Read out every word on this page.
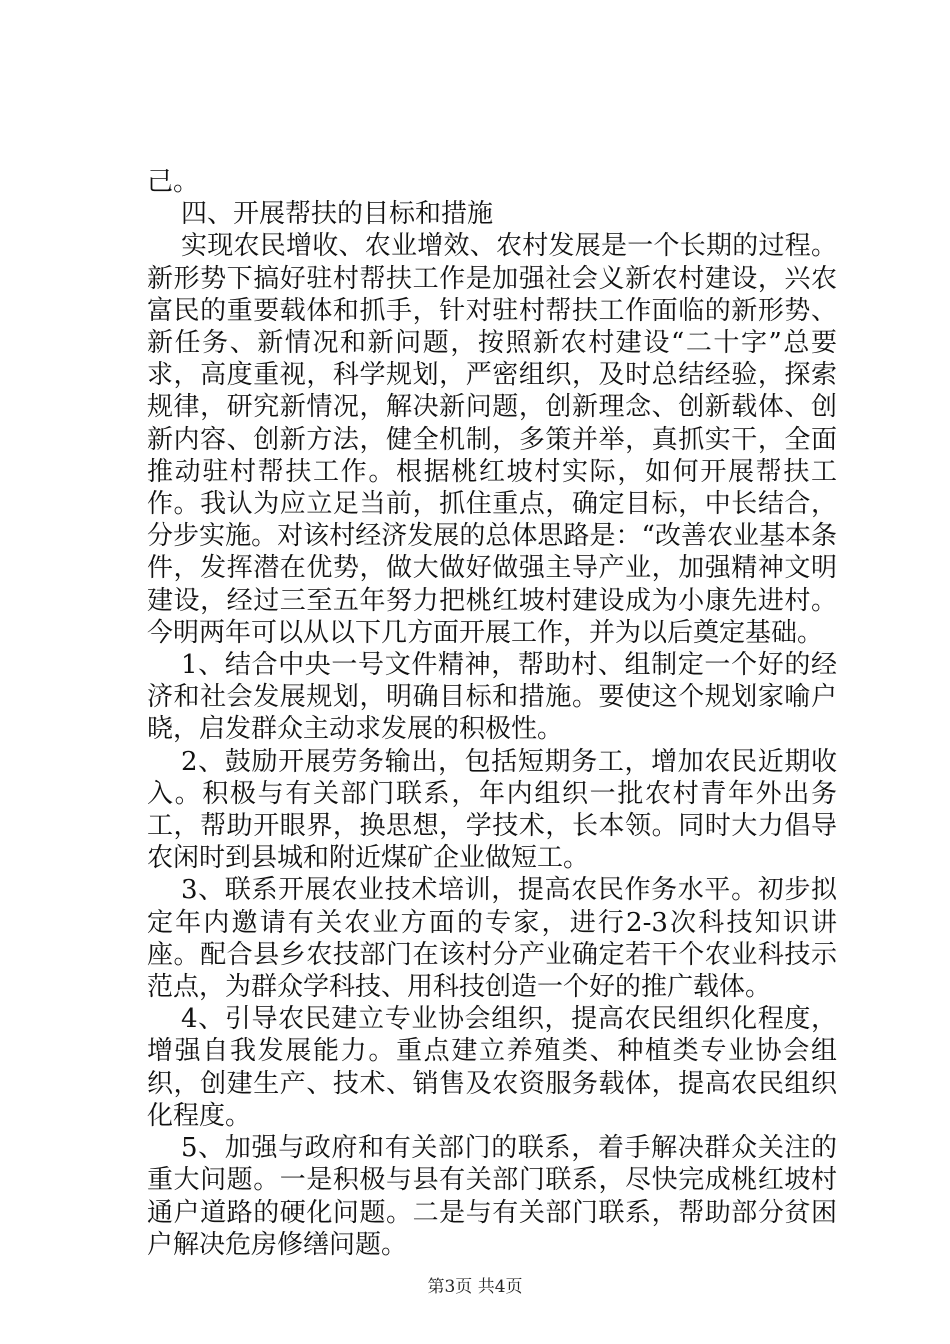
己。

四、开展帮扶的目标和措施

实现农民增收、农业增效、农村发展是一个长期的过程。新形势下搞好驻村帮扶工作是加强社会义新农村建设，兴农富民的重要载体和抓手，针对驻村帮扶工作面临的新形势、新任务、新情况和新问题，按照新农村建设“二十字”总要求，高度重视，科学规划，严密组织，及时总结经验，探索规律，研究新情况，解决新问题，创新理念、创新载体、创新内容、创新方法，健全机制，多策并举，真抓实干，全面推动驻村帮扶工作。根据桃红坡村实际，如何开展帮扶工作。我认为应立足当前，抓住重点，确定目标，中长结合，分步实施。对该村经济发展的总体思路是：“改善农业基本条件，发挥潜在优势，做大做好做强主导产业，加强精神文明建设，经过三至五年努力把桃红坡村建设成为小康先进村。今明两年可以从以下几方面开展工作，并为以后奠定基础。

1、结合中央一号文件精神，帮助村、组制定一个好的经济和社会发展规划，明确目标和措施。要使这个规划家喻户晓，启发群众主动求发展的积极性。

2、鼓励开展劳务输出，包括短期务工，增加农民近期收入。积极与有关部门联系，年内组织一批农村青年外出务工，帮助开眼界，换思想，学技术，长本领。同时大力倡导农闲时到县城和附近煤矿企业做短工。

3、联系开展农业技术培训，提高农民作务水平。初步拟定年内邀请有关农业方面的专家，进行2-3次科技知识讲座。配合县乡农技部门在该村分产业确定若干个农业科技示范点，为群众学科技、用科技创造一个好的推广载体。

4、引导农民建立专业协会组织，提高农民组织化程度，增强自我发展能力。重点建立养殖类、种植类专业协会组织，创建生产、技术、销售及农资服务载体，提高农民组织化程度。

5、加强与政府和有关部门的联系，着手解决群众关注的重大问题。一是积极与县有关部门联系，尽快完成桃红坡村通户道路的硬化问题。二是与有关部门联系，帮助部分贫困户解决危房修缮问题。

第3页 共4页
